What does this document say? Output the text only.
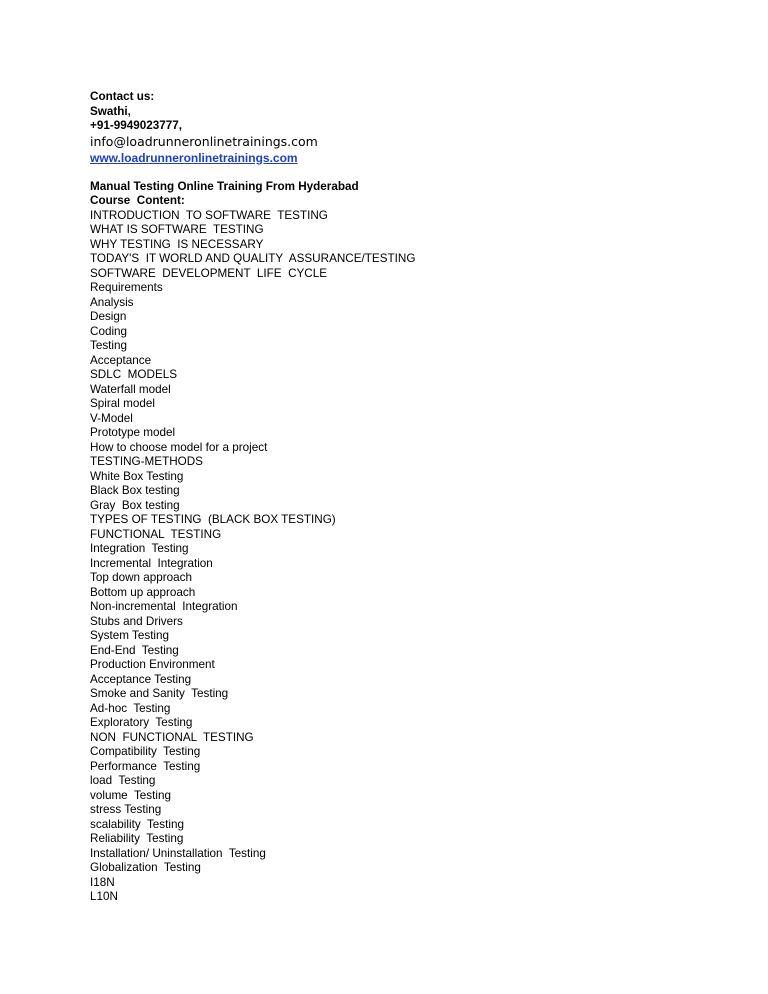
Contact us:
Swathi,
+91-9949023777,
info@loadrunneronlinetrainings.com
www.loadrunneronlinetrainings.com
Manual Testing Online Training From Hyderabad
Course  Content:
INTRODUCTION  TO SOFTWARE  TESTING
WHAT IS SOFTWARE  TESTING
WHY TESTING  IS NECESSARY
TODAY'S  IT WORLD AND QUALITY  ASSURANCE/TESTING
SOFTWARE  DEVELOPMENT  LIFE  CYCLE
Requirements
Analysis
Design
Coding
Testing
Acceptance
SDLC  MODELS
Waterfall model
Spiral model
V-Model
Prototype model
How to choose model for a project
TESTING-METHODS
White Box Testing
Black Box testing
Gray  Box testing
TYPES OF TESTING  (BLACK BOX TESTING)
FUNCTIONAL  TESTING
Integration  Testing
Incremental  Integration
Top down approach
Bottom up approach
Non-incremental  Integration
Stubs and Drivers
System Testing
End-End  Testing
Production Environment
Acceptance Testing
Smoke and Sanity  Testing
Ad-hoc  Testing
Exploratory  Testing
NON  FUNCTIONAL  TESTING
Compatibility  Testing
Performance  Testing
load  Testing
volume  Testing
stress Testing
scalability  Testing
Reliability  Testing
Installation/ Uninstallation  Testing
Globalization  Testing
I18N
L10N
